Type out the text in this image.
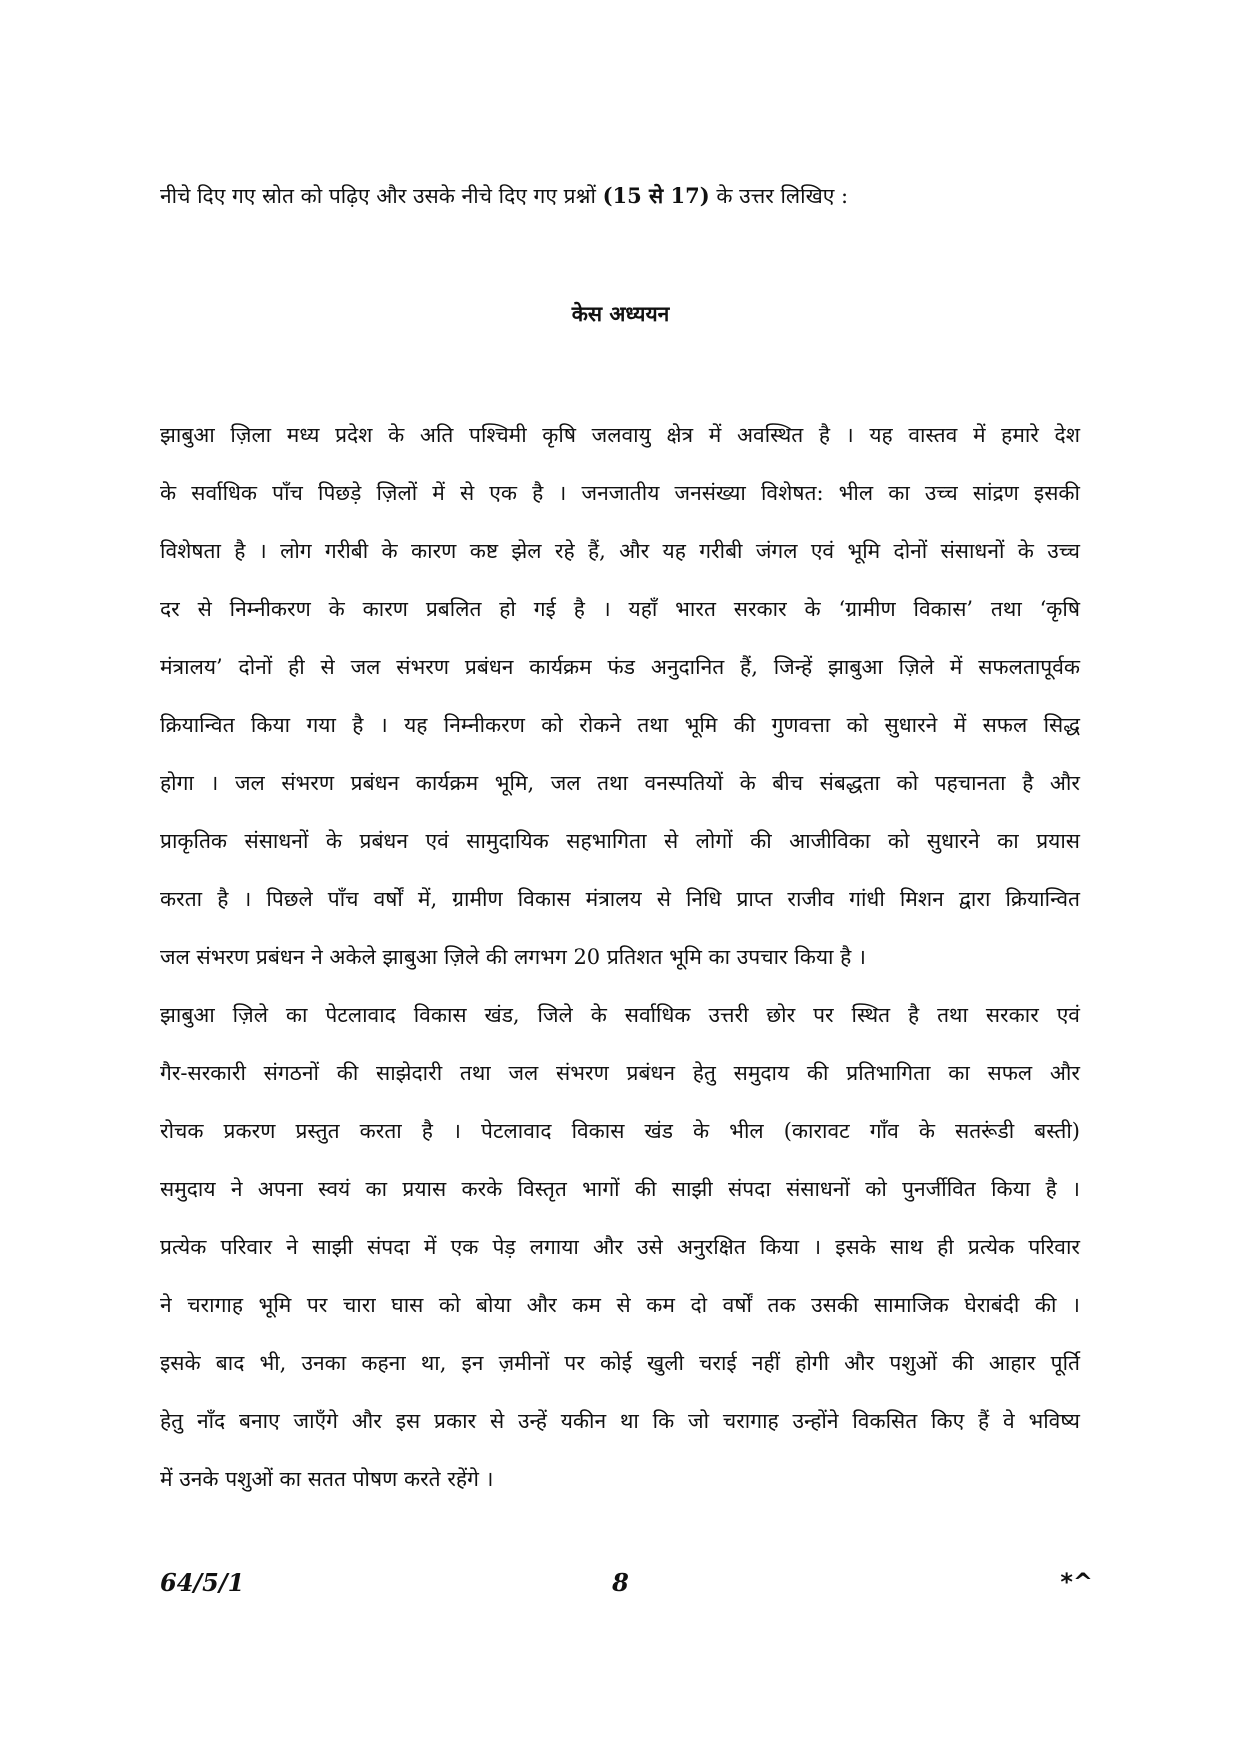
नीचे दिए गए स्रोत को पढ़िए और उसके नीचे दिए गए प्रश्नों (15 से 17) के उत्तर लिखिए :
केस अध्ययन
झाबुआ ज़िला मध्य प्रदेश के अति पश्चिमी कृषि जलवायु क्षेत्र में अवस्थित है । यह वास्तव में हमारे देश
के सर्वाधिक पाँच पिछड़े ज़िलों में से एक है । जनजातीय जनसंख्या विशेषत: भील का उच्च सांद्रण इसकी
विशेषता है । लोग गरीबी के कारण कष्ट झेल रहे हैं, और यह गरीबी जंगल एवं भूमि दोनों संसाधनों के उच्च
दर से निम्नीकरण के कारण प्रबलित हो गई है । यहाँ भारत सरकार के ‘ग्रामीण विकास’ तथा ‘कृषि
मंत्रालय’ दोनों ही से जल संभरण प्रबंधन कार्यक्रम फंड अनुदानित हैं, जिन्हें झाबुआ ज़िले में सफलतापूर्वक
क्रियान्वित किया गया है । यह निम्नीकरण को रोकने तथा भूमि की गुणवत्ता को सुधारने में सफल सिद्ध
होगा । जल संभरण प्रबंधन कार्यक्रम भूमि, जल तथा वनस्पतियों के बीच संबद्धता को पहचानता है और
प्राकृतिक संसाधनों के प्रबंधन एवं सामुदायिक सहभागिता से लोगों की आजीविका को सुधारने का प्रयास
करता है । पिछले पाँच वर्षों में, ग्रामीण विकास मंत्रालय से निधि प्राप्त राजीव गांधी मिशन द्वारा क्रियान्वित
जल संभरण प्रबंधन ने अकेले झाबुआ ज़िले की लगभग 20 प्रतिशत भूमि का उपचार किया है ।
झाबुआ ज़िले का पेटलावाद विकास खंड, जिले के सर्वाधिक उत्तरी छोर पर स्थित है तथा सरकार एवं
गैर-सरकारी संगठनों की साझेदारी तथा जल संभरण प्रबंधन हेतु समुदाय की प्रतिभागिता का सफल और
रोचक प्रकरण प्रस्तुत करता है । पेटलावाद विकास खंड के भील (कारावट गाँव के सतरूंडी बस्ती)
समुदाय ने अपना स्वयं का प्रयास करके विस्तृत भागों की साझी संपदा संसाधनों को पुनर्जीवित किया है ।
प्रत्येक परिवार ने साझी संपदा में एक पेड़ लगाया और उसे अनुरक्षित किया । इसके साथ ही प्रत्येक परिवार
ने चरागाह भूमि पर चारा घास को बोया और कम से कम दो वर्षों तक उसकी सामाजिक घेराबंदी की ।
इसके बाद भी, उनका कहना था, इन ज़मीनों पर कोई खुली चराई नहीं होगी और पशुओं की आहार पूर्ति
हेतु नाँद बनाए जाएँगे और इस प्रकार से उन्हें यकीन था कि जो चरागाह उन्होंने विकसित किए हैं वे भविष्य
में उनके पशुओं का सतत पोषण करते रहेंगे ।
64/5/1	8	*^
